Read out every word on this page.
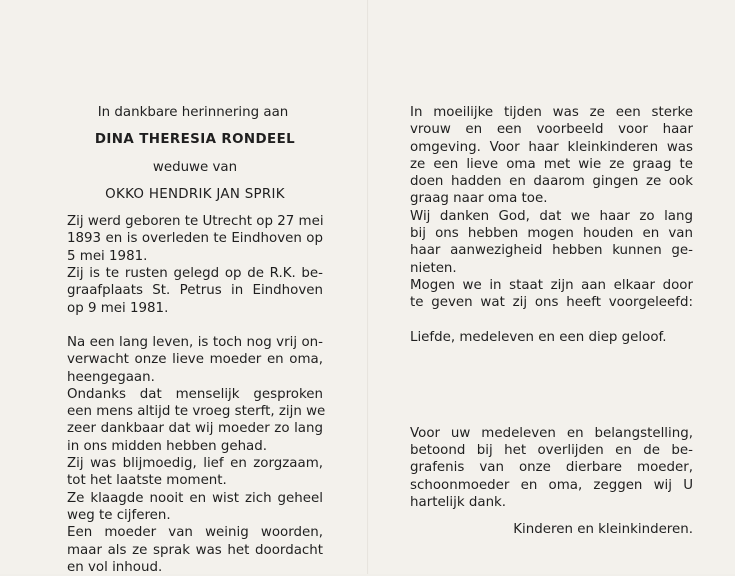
In dankbare herinnering aan
DINA THERESIA RONDEEL
weduwe van
OKKO HENDRIK JAN SPRIK
Zij werd geboren te Utrecht op 27 mei
1893 en is overleden te Eindhoven op
5 mei 1981.
Zij is te rusten gelegd op de R.K. be-
graafplaats St. Petrus in Eindhoven
op 9 mei 1981.
Na een lang leven, is toch nog vrij on-
verwacht onze lieve moeder en oma,
heengegaan.
Ondanks dat menselijk gesproken
een mens altijd te vroeg sterft, zijn we
zeer dankbaar dat wij moeder zo lang
in ons midden hebben gehad.
Zij was blijmoedig, lief en zorgzaam,
tot het laatste moment.
Ze klaagde nooit en wist zich geheel
weg te cijferen.
Een moeder van weinig woorden,
maar als ze sprak was het doordacht
en vol inhoud.
In moeilijke tijden was ze een sterke
vrouw en een voorbeeld voor haar
omgeving. Voor haar kleinkinderen was
ze een lieve oma met wie ze graag te
doen hadden en daarom gingen ze ook
graag naar oma toe.
Wij danken God, dat we haar zo lang
bij ons hebben mogen houden en van
haar aanwezigheid hebben kunnen ge-
nieten.
Mogen we in staat zijn aan elkaar door
te geven wat zij ons heeft voorgeleefd:
Liefde, medeleven en een diep geloof.
Voor uw medeleven en belangstelling,
betoond bij het overlijden en de be-
grafenis van onze dierbare moeder,
schoonmoeder en oma, zeggen wij U
hartelijk dank.
Kinderen en kleinkinderen.
